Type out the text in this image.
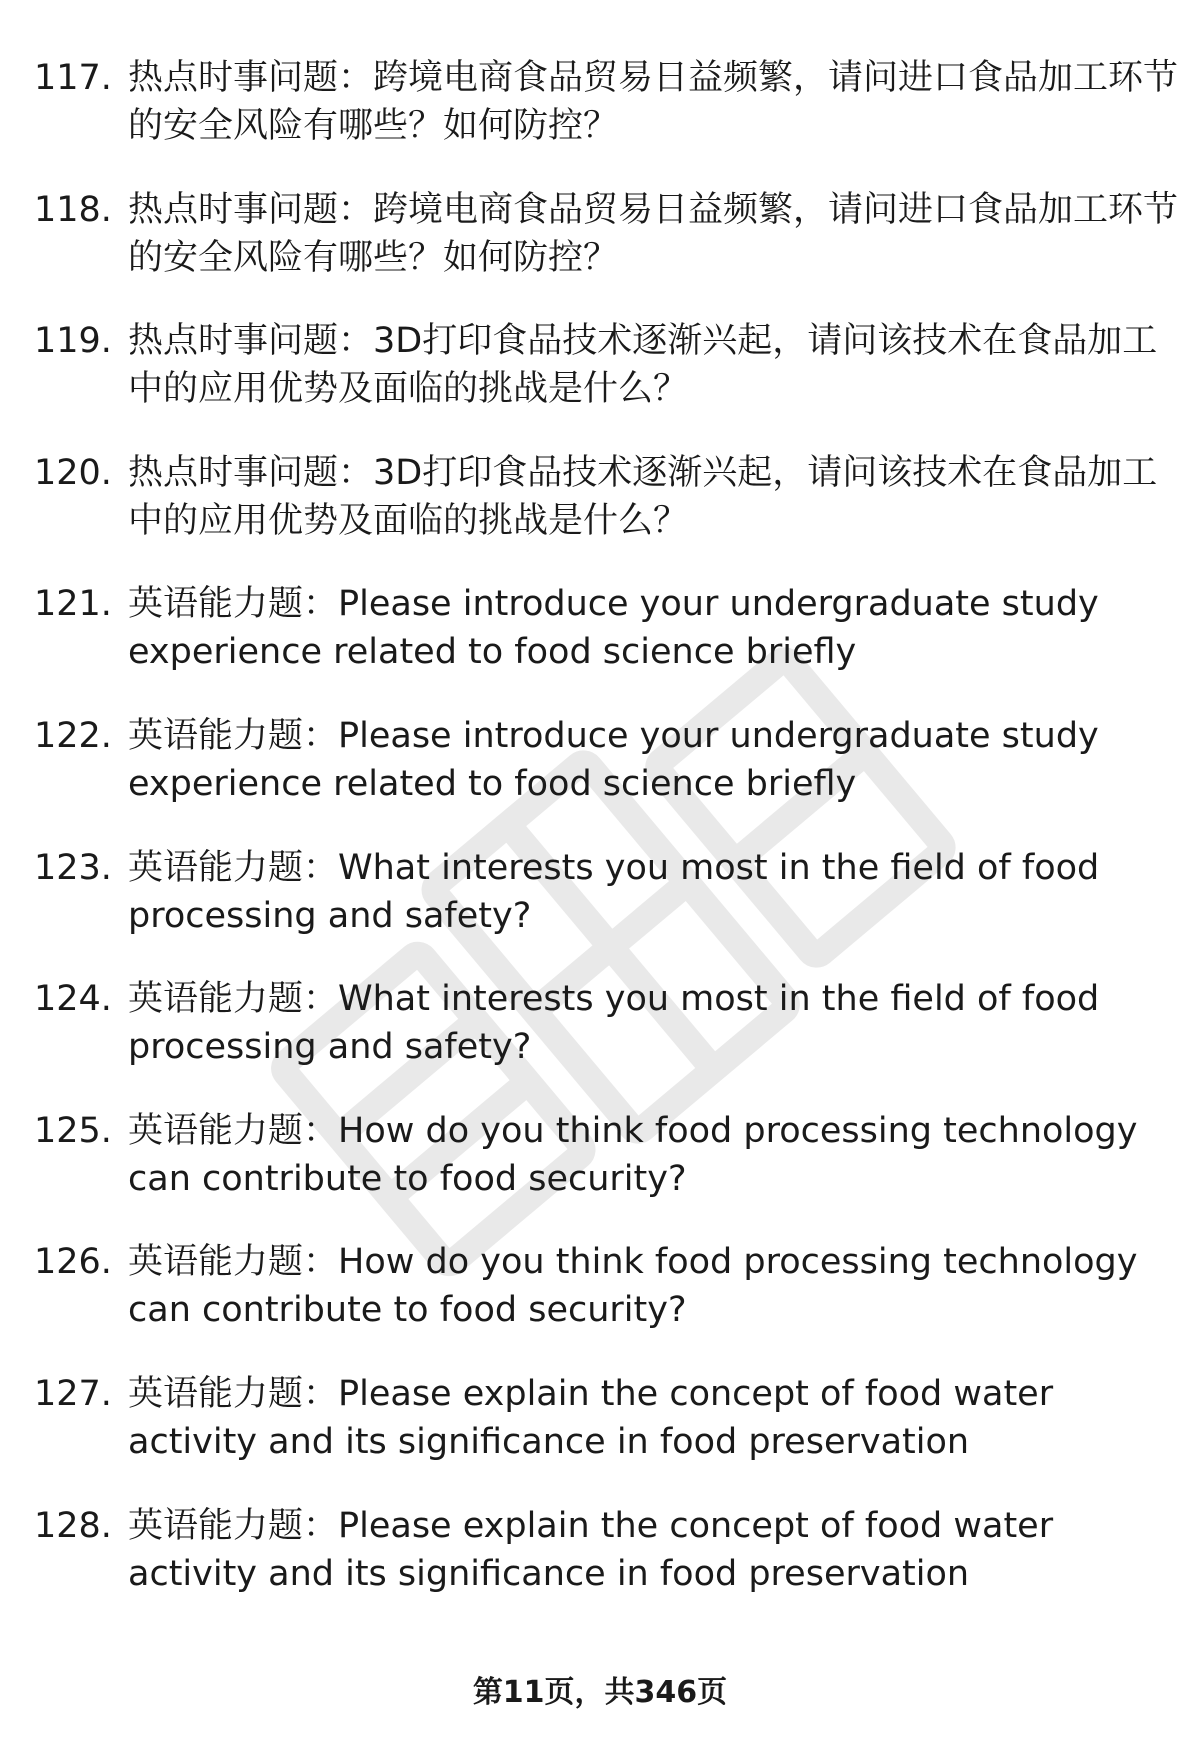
117. 热点时事问题：跨境电商食品贸易日益频繁，请问进口食品加工环节的安全风险有哪些？如何防控？
118. 热点时事问题：跨境电商食品贸易日益频繁，请问进口食品加工环节的安全风险有哪些？如何防控？
119. 热点时事问题：3D打印食品技术逐渐兴起，请问该技术在食品加工中的应用优势及面临的挑战是什么？
120. 热点时事问题：3D打印食品技术逐渐兴起，请问该技术在食品加工中的应用优势及面临的挑战是什么？
121. 英语能力题：Please introduce your undergraduate study experience related to food science briefly
122. 英语能力题：Please introduce your undergraduate study experience related to food science briefly
123. 英语能力题：What interests you most in the field of food processing and safety?
124. 英语能力题：What interests you most in the field of food processing and safety?
125. 英语能力题：How do you think food processing technology can contribute to food security?
126. 英语能力题：How do you think food processing technology can contribute to food security?
127. 英语能力题：Please explain the concept of food water activity and its significance in food preservation
128. 英语能力题：Please explain the concept of food water activity and its significance in food preservation
第11页，共346页
